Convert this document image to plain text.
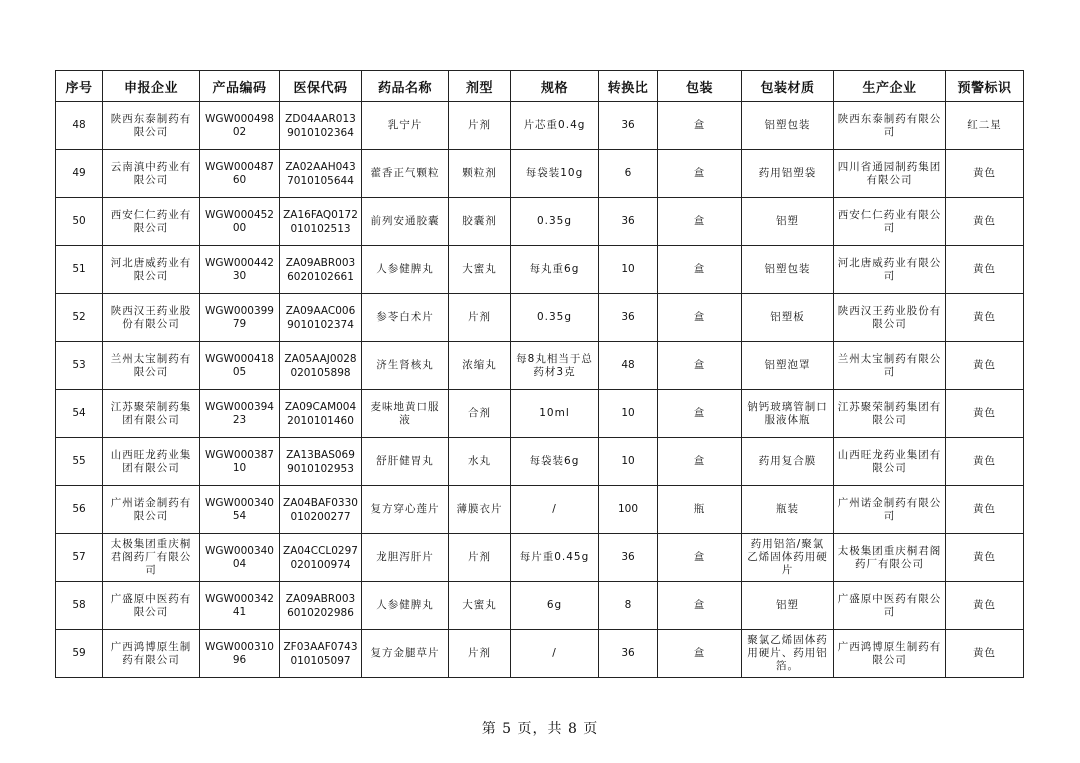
序号	申报企业	产品编码	医保代码	药品名称	剂型	规格	转换比	包装	包装材质	生产企业	预警标识
48	陕西东泰制药有限公司	WGW00049802	ZD04AAR0139010102364	乳宁片	片剂	片芯重0.4g	36	盒	铝塑包装	陕西东泰制药有限公司	红二星
49	云南滇中药业有限公司	WGW00048760	ZA02AAH0437010105644	藿香正气颗粒	颗粒剂	每袋装10g	6	盒	药用铝塑袋	四川省通园制药集团有限公司	黄色
50	西安仁仁药业有限公司	WGW00045200	ZA16FAQ0172010102513	前列安通胶囊	胶囊剂	0.35g	36	盒	铝塑	西安仁仁药业有限公司	黄色
51	河北唐威药业有限公司	WGW00044230	ZA09ABR0036020102661	人参健脾丸	大蜜丸	每丸重6g	10	盒	铝塑包装	河北唐威药业有限公司	黄色
52	陕西汉王药业股份有限公司	WGW00039979	ZA09AAC0069010102374	参苓白术片	片剂	0.35g	36	盒	铝塑板	陕西汉王药业股份有限公司	黄色
53	兰州太宝制药有限公司	WGW00041805	ZA05AAJ0028020105898	济生肾核丸	浓缩丸	每8丸相当于总药材3克	48	盒	铝塑泡罩	兰州太宝制药有限公司	黄色
54	江苏聚荣制药集团有限公司	WGW00039423	ZA09CAM0042010101460	麦味地黄口服液	合剂	10ml	10	盒	钠钙玻璃管制口服液体瓶	江苏聚荣制药集团有限公司	黄色
55	山西旺龙药业集团有限公司	WGW00038710	ZA13BAS0699010102953	舒肝健胃丸	水丸	每袋装6g	10	盒	药用复合膜	山西旺龙药业集团有限公司	黄色
56	广州诺金制药有限公司	WGW00034054	ZA04BAF0330010200277	复方穿心莲片	薄膜衣片	/	100	瓶	瓶装	广州诺金制药有限公司	黄色
57	太极集团重庆桐君阁药厂有限公司	WGW00034004	ZA04CCL0297020100974	龙胆泻肝片	片剂	每片重0.45g	36	盒	药用铝箔/聚氯乙烯固体药用硬片	太极集团重庆桐君阁药厂有限公司	黄色
58	广盛原中医药有限公司	WGW00034241	ZA09ABR0036010202986	人参健脾丸	大蜜丸	6g	8	盒	铝塑	广盛原中医药有限公司	黄色
59	广西鸿博原生制药有限公司	WGW00031096	ZF03AAF0743010105097	复方金腿草片	片剂	/	36	盒	聚氯乙烯固体药用硬片、药用铝箔。	广西鸿博原生制药有限公司	黄色
第 5 页，共 8 页
